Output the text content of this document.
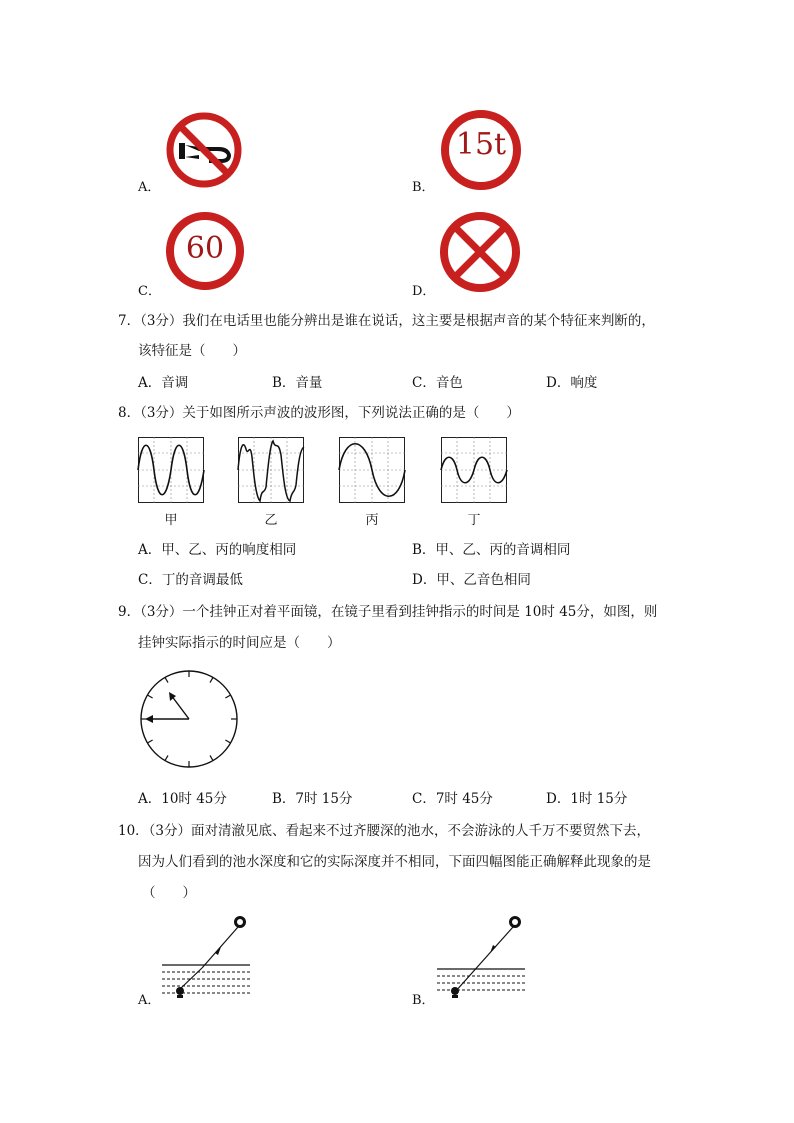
A．	B．
15t
C．
60
D．
7．（3分）我们在电话里也能分辨出是谁在说话，这主要是根据声音的某个特征来判断的，
该特征是（　　）
A．音调	B．音量	C．音色	D．响度
8．（3分）关于如图所示声波的波形图，下列说法正确的是（　　）
甲	乙	丙	丁
A．甲、乙、丙的响度相同	B．甲、乙、丙的音调相同
C．丁的音调最低	D．甲、乙音色相同
9．（3分）一个挂钟正对着平面镜，在镜子里看到挂钟指示的时间是 10时 45分，如图，则
挂钟实际指示的时间应是（　　）
A．10时 45分	B．7时 15分	C．7时 45分	D．1时 15分
10．（3分）面对清澈见底、看起来不过齐腰深的池水，不会游泳的人千万不要贸然下去，
因为人们看到的池水深度和它的实际深度并不相同，下面四幅图能正确解释此现象的是
（　　）
A．	B．
